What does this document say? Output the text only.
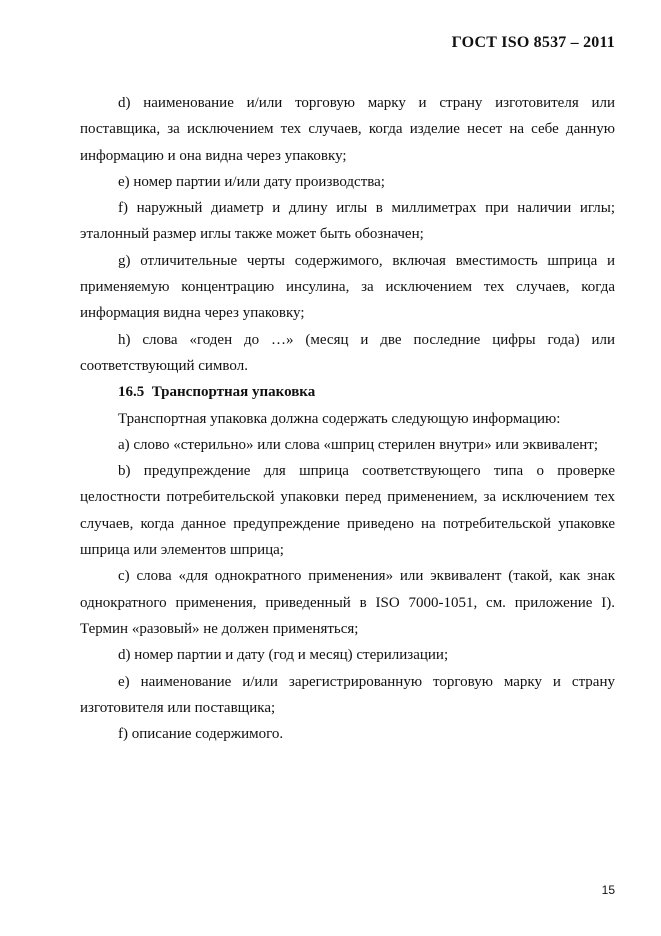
ГОСТ ISO 8537 – 2011

d) наименование и/или торговую марку и страну изготовителя или поставщика, за исключением тех случаев, когда изделие несет на себе данную информацию и она видна через упаковку;

e) номер партии и/или дату производства;

f) наружный диаметр и длину иглы в миллиметрах при наличии иглы; эталонный размер иглы также может быть обозначен;

g) отличительные черты содержимого, включая вместимость шприца и применяемую концентрацию инсулина, за исключением тех случаев, когда информация видна через упаковку;

h) слова «годен до …» (месяц и две последние цифры года) или соответствующий символ.

16.5 Транспортная упаковка

Транспортная упаковка должна содержать следующую информацию:

a) слово «стерильно» или слова «шприц стерилен внутри» или эквивалент;

b) предупреждение для шприца соответствующего типа о проверке целостности потребительской упаковки перед применением, за исключением тех случаев, когда данное предупреждение приведено на потребительской упаковке шприца или элементов шприца;

c) слова «для однократного применения» или эквивалент (такой, как знак однократного применения, приведенный в ISO 7000-1051, см. приложение I). Термин «разовый» не должен применяться;

d) номер партии и дату (год и месяц) стерилизации;

e) наименование и/или зарегистрированную торговую марку и страну изготовителя или поставщика;

f) описание содержимого.

15
